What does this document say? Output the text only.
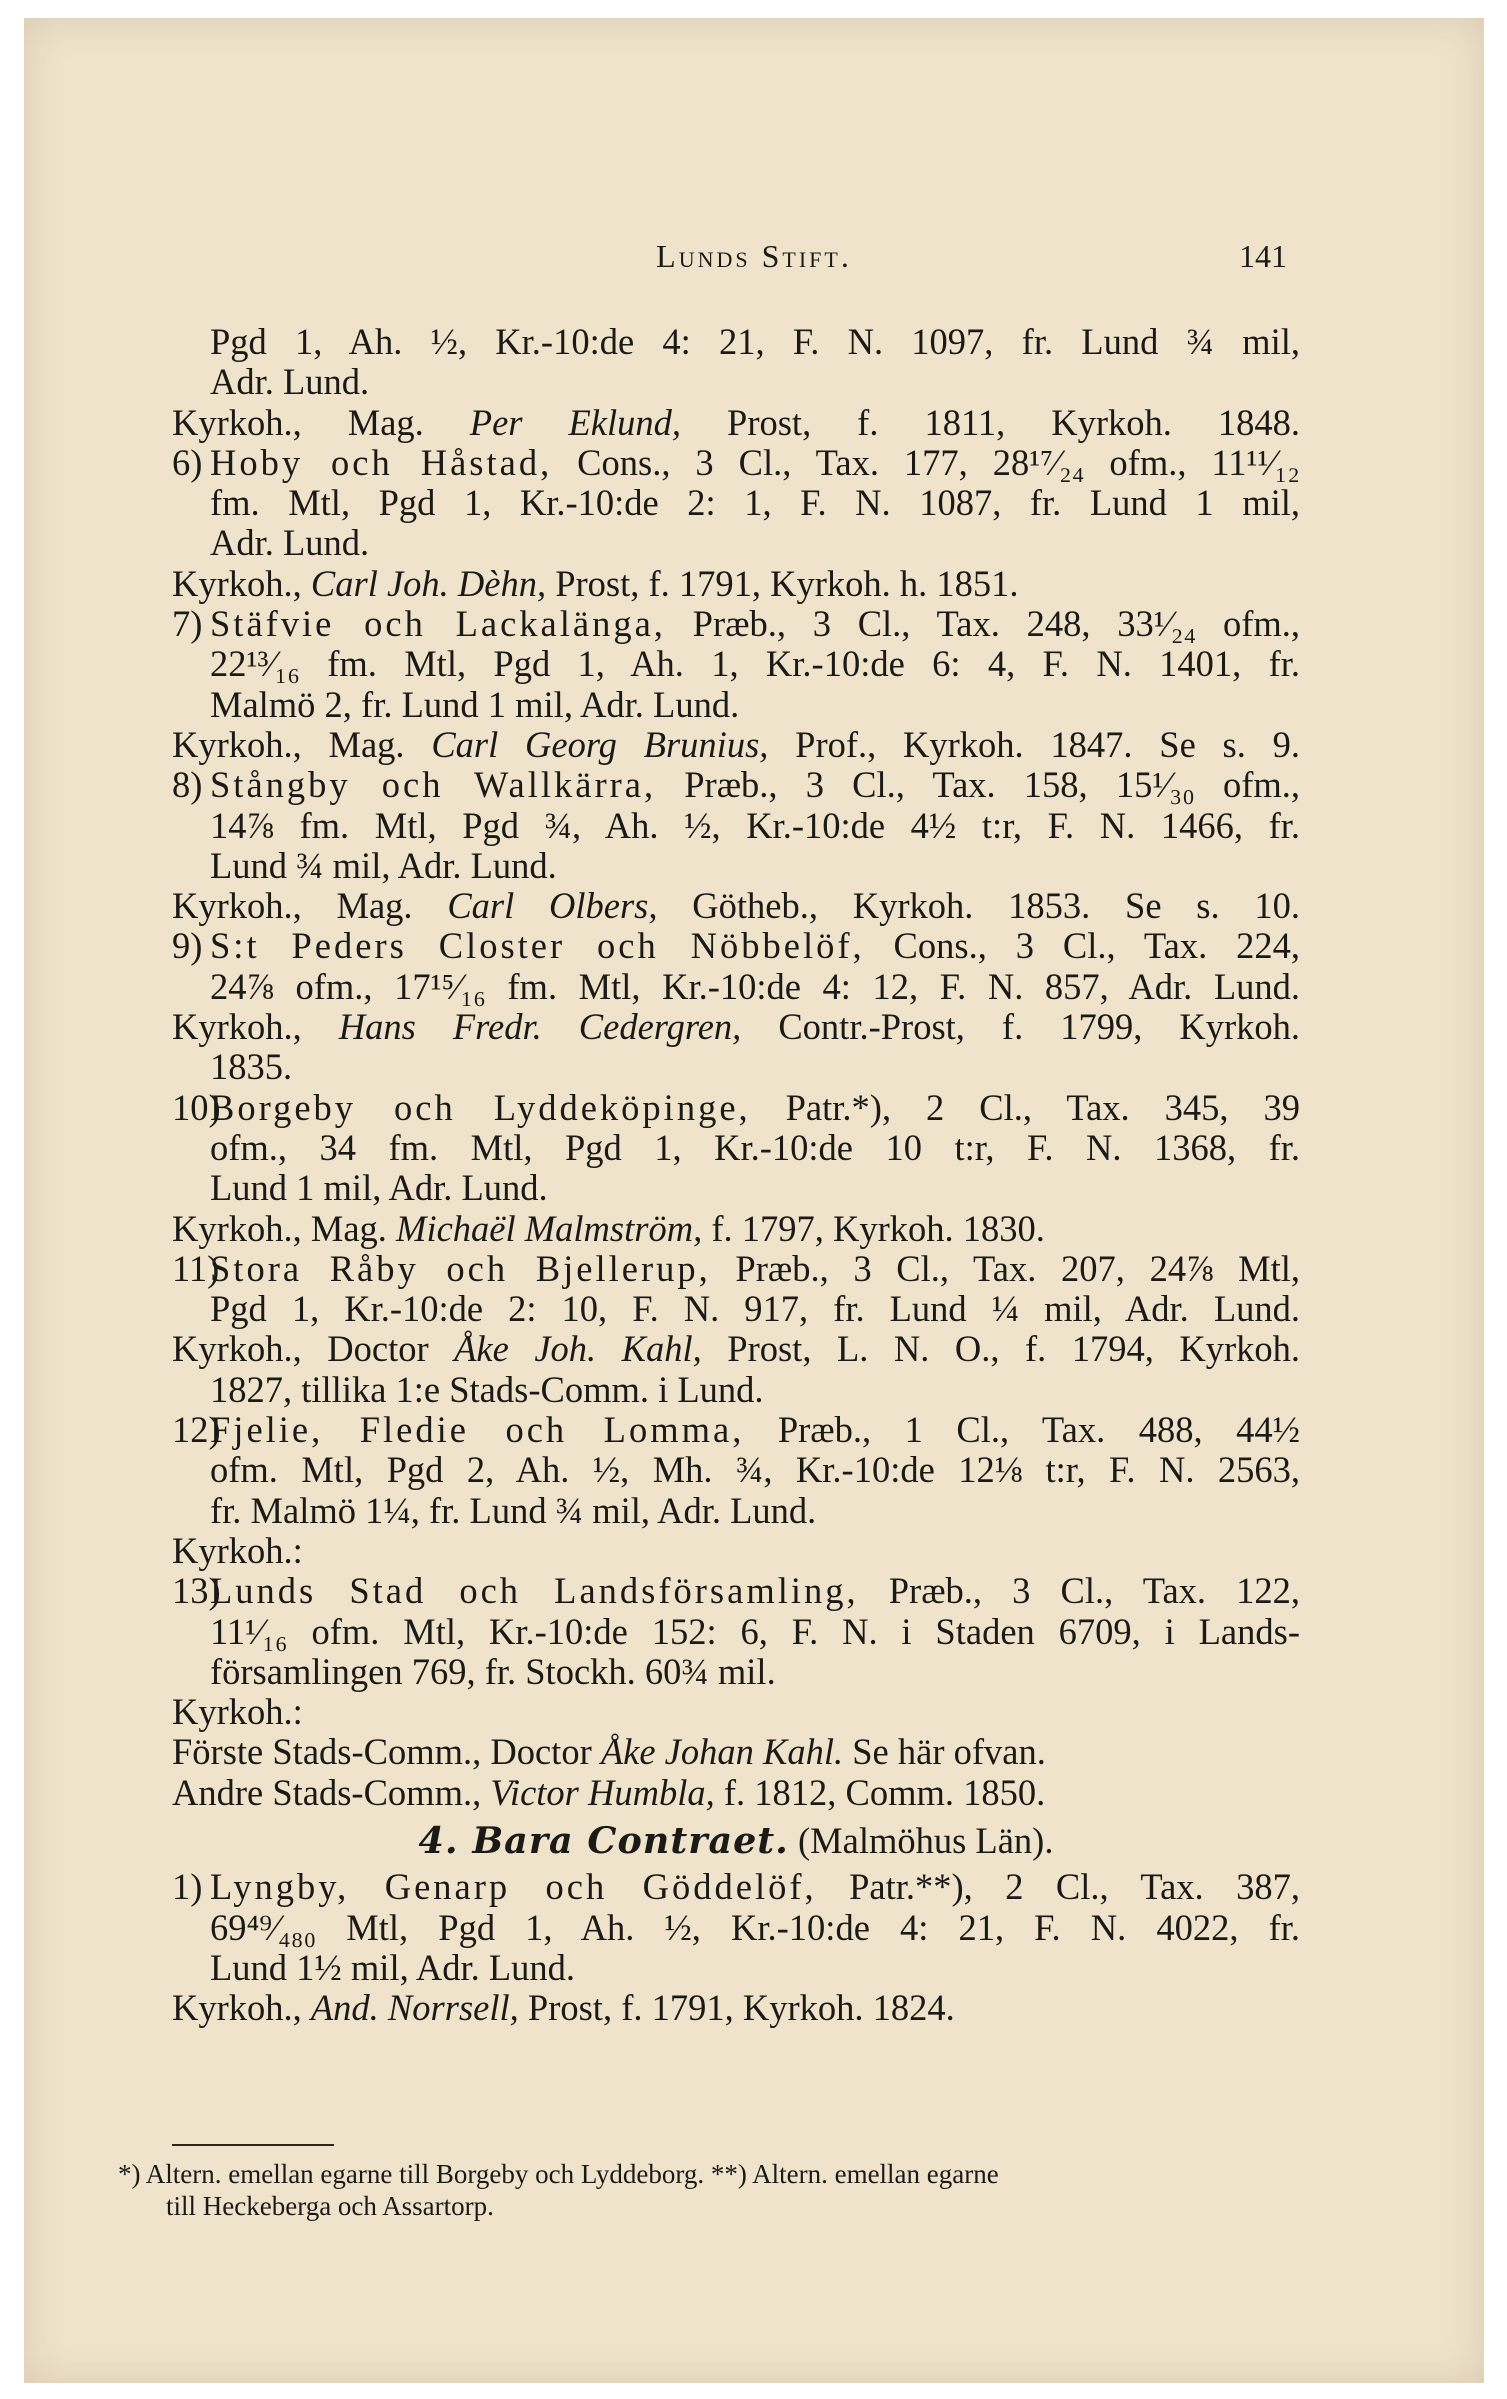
Lunds Stift.	141
Pgd 1, Ah. ½, Kr.-10:de 4: 21, F. N. 1097, fr. Lund ¾ mil,
Adr. Lund.
Kyrkoh., Mag. Per Eklund, Prost, f. 1811, Kyrkoh. 1848.
6) Hoby och Håstad, Cons., 3 Cl., Tax. 177, 28¹⁷⁄₂₄ ofm., 11¹¹⁄₁₂
fm. Mtl, Pgd 1, Kr.-10:de 2: 1, F. N. 1087, fr. Lund 1 mil,
Adr. Lund.
Kyrkoh., Carl Joh. Dèhn, Prost, f. 1791, Kyrkoh. h. 1851.
7) Stäfvie och Lackalänga, Præb., 3 Cl., Tax. 248, 33¹⁄₂₄ ofm.,
22¹³⁄₁₆ fm. Mtl, Pgd 1, Ah. 1, Kr.-10:de 6: 4, F. N. 1401, fr.
Malmö 2, fr. Lund 1 mil, Adr. Lund.
Kyrkoh., Mag. Carl Georg Brunius, Prof., Kyrkoh. 1847. Se s. 9.
8) Stångby och Wallkärra, Præb., 3 Cl., Tax. 158, 15¹⁄₃₀ ofm.,
14⅞ fm. Mtl, Pgd ¾, Ah. ½, Kr.-10:de 4½ t:r, F. N. 1466, fr.
Lund ¾ mil, Adr. Lund.
Kyrkoh., Mag. Carl Olbers, Götheb., Kyrkoh. 1853. Se s. 10.
9) S:t Peders Closter och Nöbbelöf, Cons., 3 Cl., Tax. 224,
24⅞ ofm., 17¹⁵⁄₁₆ fm. Mtl, Kr.-10:de 4: 12, F. N. 857, Adr. Lund.
Kyrkoh., Hans Fredr. Cedergren, Contr.-Prost, f. 1799, Kyrkoh.
1835.
10)Borgeby och Lyddeköpinge, Patr.*), 2 Cl., Tax. 345, 39
ofm., 34 fm. Mtl, Pgd 1, Kr.-10:de 10 t:r, F. N. 1368, fr.
Lund 1 mil, Adr. Lund.
Kyrkoh., Mag. Michaël Malmström, f. 1797, Kyrkoh. 1830.
11)Stora Råby och Bjellerup, Præb., 3 Cl., Tax. 207, 24⅞ Mtl,
Pgd 1, Kr.-10:de 2: 10, F. N. 917, fr. Lund ¼ mil, Adr. Lund.
Kyrkoh., Doctor Åke Joh. Kahl, Prost, L. N. O., f. 1794, Kyrkoh.
1827, tillika 1:e Stads-Comm. i Lund.
12)Fjelie, Fledie och Lomma, Præb., 1 Cl., Tax. 488, 44½
ofm. Mtl, Pgd 2, Ah. ½, Mh. ¾, Kr.-10:de 12⅛ t:r, F. N. 2563,
fr. Malmö 1¼, fr. Lund ¾ mil, Adr. Lund.
Kyrkoh.:
13)Lunds Stad och Landsförsamling, Præb., 3 Cl., Tax. 122,
11¹⁄₁₆ ofm. Mtl, Kr.-10:de 152: 6, F. N. i Staden 6709, i Lands-
församlingen 769, fr. Stockh. 60¾ mil.
Kyrkoh.:
Förste Stads-Comm., Doctor Åke Johan Kahl. Se här ofvan.
Andre Stads-Comm., Victor Humbla, f. 1812, Comm. 1850.
4. Bara Contraet. (Malmöhus Län).
1) Lyngby, Genarp och Göddelöf, Patr.**), 2 Cl., Tax. 387,
69⁴⁹⁄₄₈₀ Mtl, Pgd 1, Ah. ½, Kr.-10:de 4: 21, F. N. 4022, fr.
Lund 1½ mil, Adr. Lund.
Kyrkoh., And. Norrsell, Prost, f. 1791, Kyrkoh. 1824.
*) Altern. emellan egarne till Borgeby och Lyddeborg. **) Altern. emellan egarne
till Heckeberga och Assartorp.
